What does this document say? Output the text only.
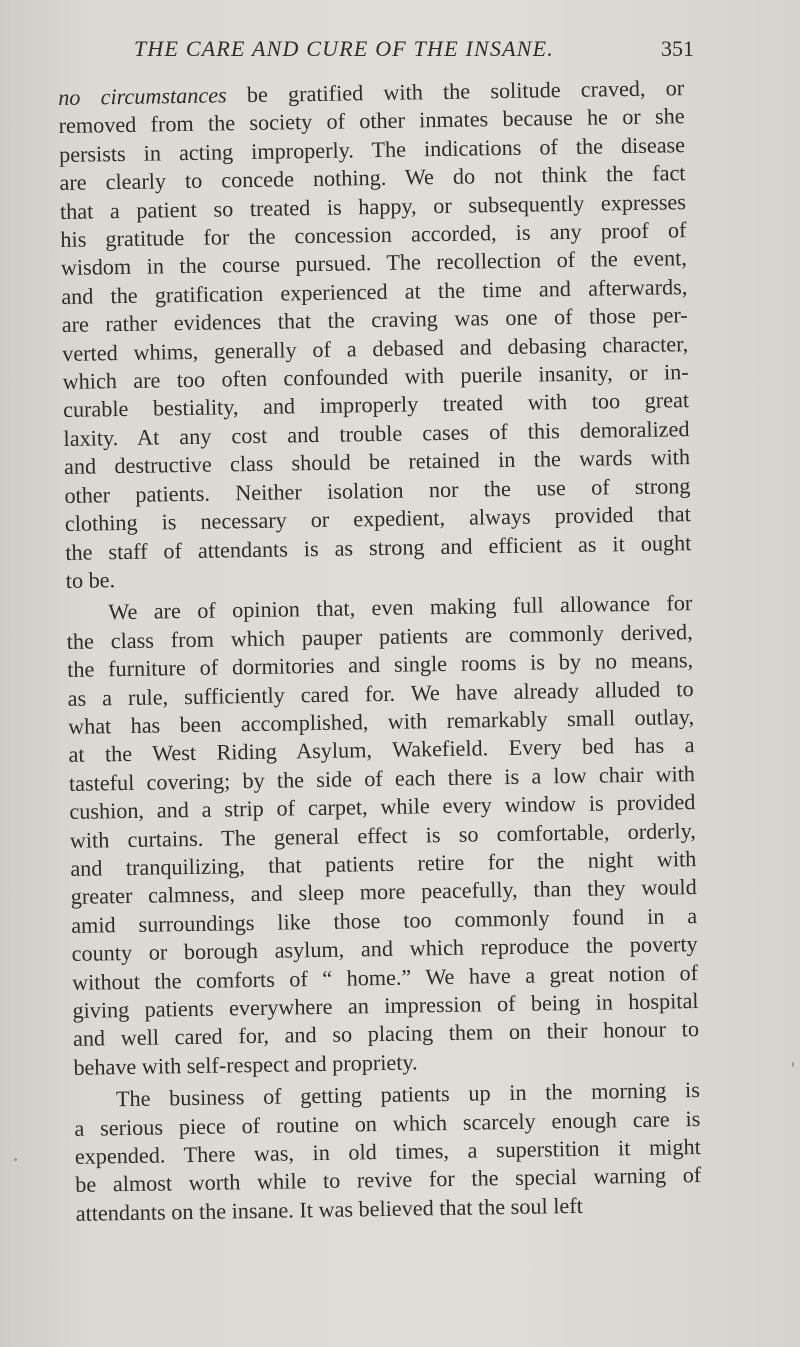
THE CARE AND CURE OF THE INSANE.	351
no circumstances be gratified with the solitude craved, or
removed from the society of other inmates because he or she
persists in acting improperly. The indications of the disease
are clearly to concede nothing. We do not think the fact
that a patient so treated is happy, or subsequently expresses
his gratitude for the concession accorded, is any proof of
wisdom in the course pursued. The recollection of the event,
and the gratification experienced at the time and afterwards,
are rather evidences that the craving was one of those per-
verted whims, generally of a debased and debasing character,
which are too often confounded with puerile insanity, or in-
curable bestiality, and improperly treated with too great
laxity. At any cost and trouble cases of this demoralized
and destructive class should be retained in the wards with
other patients. Neither isolation nor the use of strong
clothing is necessary or expedient, always provided that
the staff of attendants is as strong and efficient as it ought
to be.
We are of opinion that, even making full allowance for
the class from which pauper patients are commonly derived,
the furniture of dormitories and single rooms is by no means,
as a rule, sufficiently cared for. We have already alluded to
what has been accomplished, with remarkably small outlay,
at the West Riding Asylum, Wakefield. Every bed has a
tasteful covering; by the side of each there is a low chair with
cushion, and a strip of carpet, while every window is provided
with curtains. The general effect is so comfortable, orderly,
and tranquilizing, that patients retire for the night with
greater calmness, and sleep more peacefully, than they would
amid surroundings like those too commonly found in a
county or borough asylum, and which reproduce the poverty
without the comforts of “ home.” We have a great notion of
giving patients everywhere an impression of being in hospital
and well cared for, and so placing them on their honour to
behave with self-respect and propriety.
The business of getting patients up in the morning is
a serious piece of routine on which scarcely enough care is
expended. There was, in old times, a superstition it might
be almost worth while to revive for the special warning of
attendants on the insane. It was believed that the soul left
